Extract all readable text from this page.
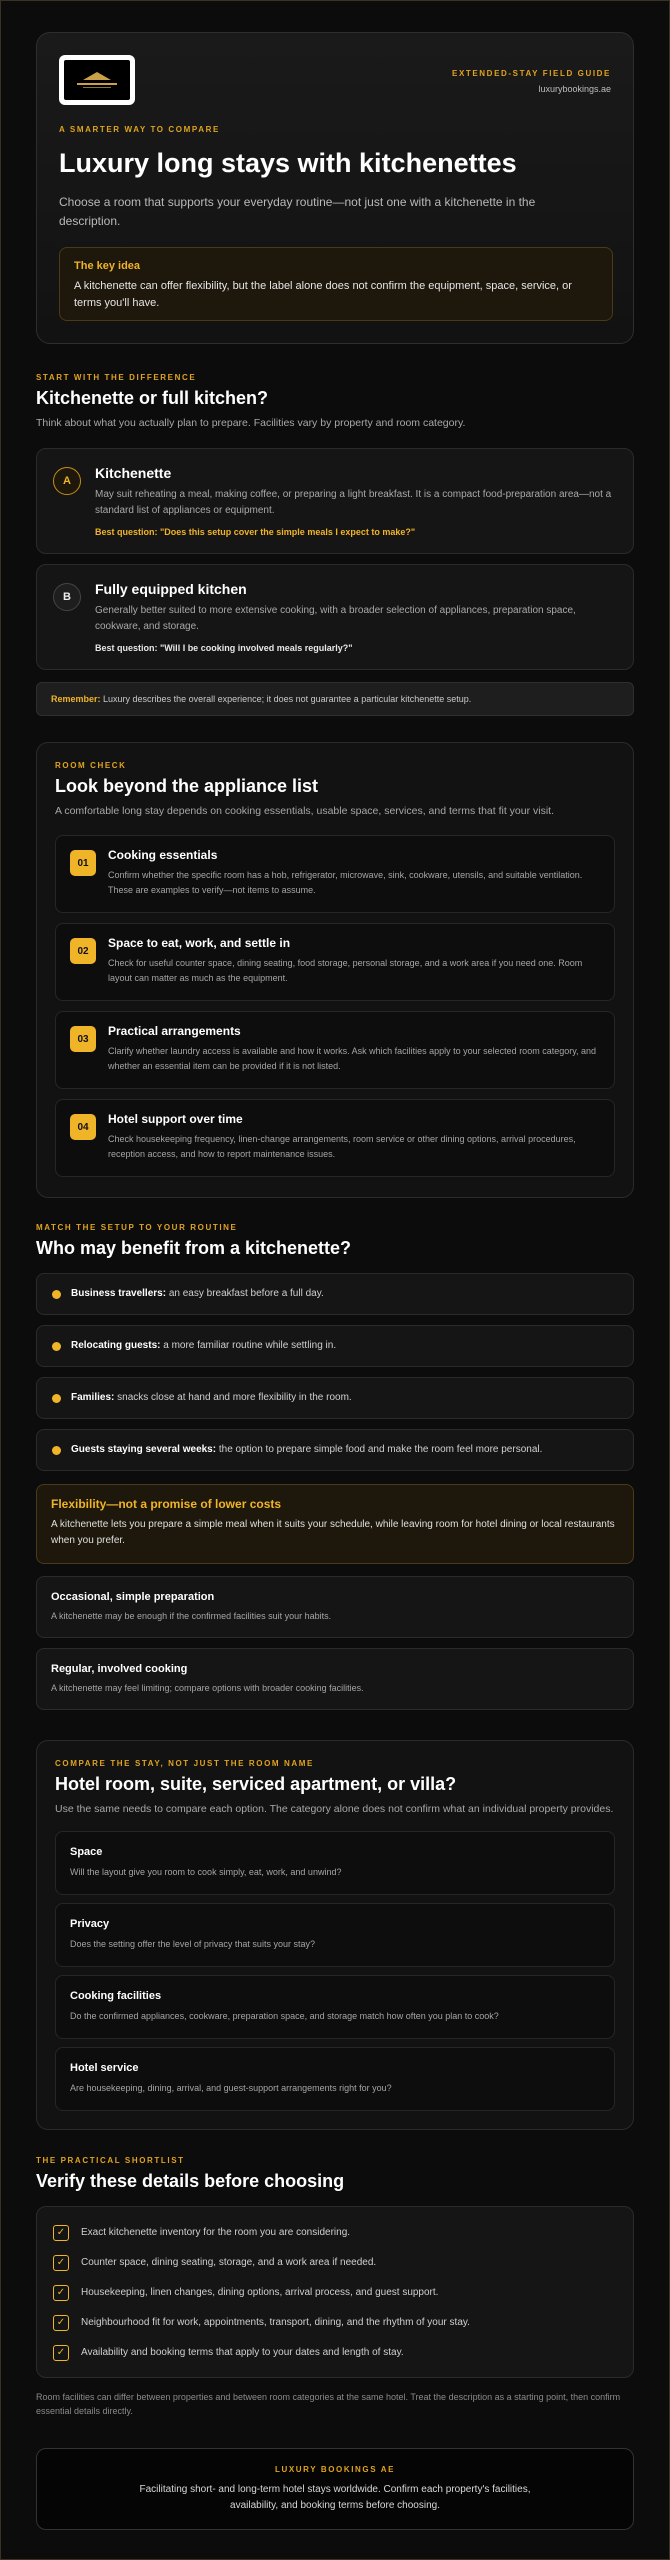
EXTENDED-STAY FIELD GUIDE
luxurybookings.ae
A SMARTER WAY TO COMPARE
Luxury long stays with kitchenettes

Choose a room that supports your everyday routine—not just one with a kitchenette in the description.

The key idea
A kitchenette can offer flexibility, but the label alone does not confirm the equipment, space, service, or terms you'll have.
START WITH THE DIFFERENCE
Kitchenette or full kitchen?

Think about what you actually plan to prepare. Facilities vary by property and room category.

A	Kitchenette
May suit reheating a meal, making coffee, or preparing a light breakfast. It is a compact food-preparation area—not a standard list of appliances or equipment.
Best question: "Does this setup cover the simple meals I expect to make?"
B	Fully equipped kitchen
Generally better suited to more extensive cooking, with a broader selection of appliances, preparation space, cookware, and storage.
Best question: "Will I be cooking involved meals regularly?"
Remember: Luxury describes the overall experience; it does not guarantee a particular kitchenette setup.
ROOM CHECK
Look beyond the appliance list

A comfortable long stay depends on cooking essentials, usable space, services, and terms that fit your visit.

01
Cooking essentials
Confirm whether the specific room has a hob, refrigerator, microwave, sink, cookware, utensils, and suitable ventilation. These are examples to verify—not items to assume.
02
Space to eat, work, and settle in
Check for useful counter space, dining seating, food storage, personal storage, and a work area if you need one. Room layout can matter as much as the equipment.
03
Practical arrangements
Clarify whether laundry access is available and how it works. Ask which facilities apply to your selected room category, and whether an essential item can be provided if it is not listed.
04
Hotel support over time
Check housekeeping frequency, linen-change arrangements, room service or other dining options, arrival procedures, reception access, and how to report maintenance issues.
MATCH THE SETUP TO YOUR ROUTINE
Who may benefit from a kitchenette?
Business travellers: an easy breakfast before a full day.
Relocating guests: a more familiar routine while settling in.
Families: snacks close at hand and more flexibility in the room.
Guests staying several weeks: the option to prepare simple food and make the room feel more personal.
Flexibility—not a promise of lower costs
A kitchenette lets you prepare a simple meal when it suits your schedule, while leaving room for hotel dining or local restaurants when you prefer.
Occasional, simple preparation
A kitchenette may be enough if the confirmed facilities suit your habits.
Regular, involved cooking
A kitchenette may feel limiting; compare options with broader cooking facilities.
COMPARE THE STAY, NOT JUST THE ROOM NAME
Hotel room, suite, serviced apartment, or villa?

Use the same needs to compare each option. The category alone does not confirm what an individual property provides.

Space
Will the layout give you room to cook simply, eat, work, and unwind?
Privacy
Does the setting offer the level of privacy that suits your stay?
Cooking facilities
Do the confirmed appliances, cookware, preparation space, and storage match how often you plan to cook?
Hotel service
Are housekeeping, dining, arrival, and guest-support arrangements right for you?
THE PRACTICAL SHORTLIST
Verify these details before choosing
✓	Exact kitchenette inventory for the room you are considering.
✓	Counter space, dining seating, storage, and a work area if needed.
✓	Housekeeping, linen changes, dining options, arrival process, and guest support.
✓	Neighbourhood fit for work, appointments, transport, dining, and the rhythm of your stay.
✓	Availability and booking terms that apply to your dates and length of stay.

Room facilities can differ between properties and between room categories at the same hotel. Treat the description as a starting point, then confirm essential details directly.

LUXURY BOOKINGS AE
Facilitating short- and long-term hotel stays worldwide. Confirm each property's facilities, availability, and booking terms before choosing.
